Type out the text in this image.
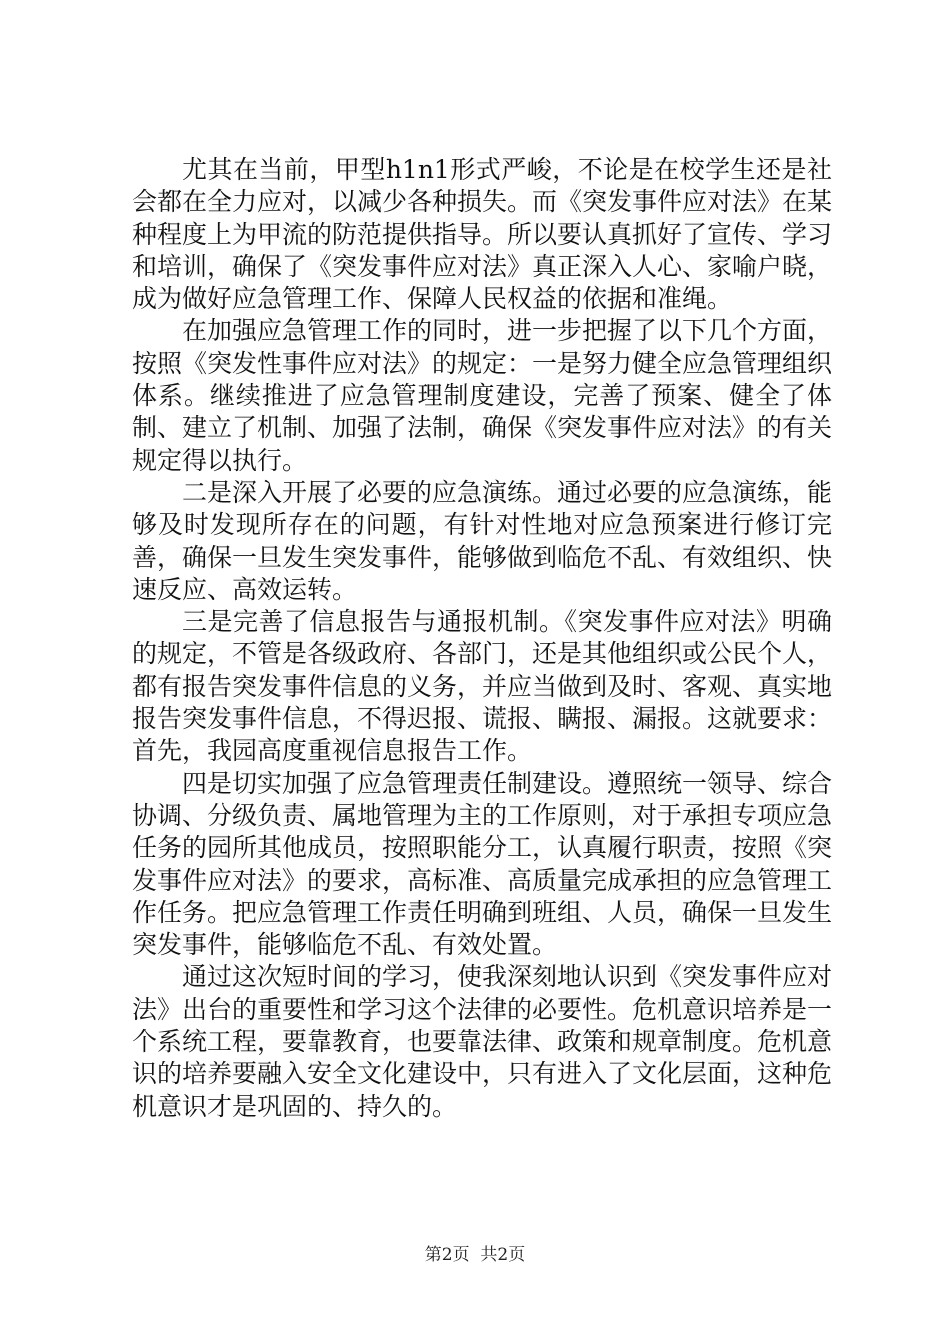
尤其在当前，甲型h1n1形式严峻，不论是在校学生还是社会都在全力应对，以减少各种损失。而《突发事件应对法》在某种程度上为甲流的防范提供指导。所以要认真抓好了宣传、学习和培训，确保了《突发事件应对法》真正深入人心、家喻户晓，成为做好应急管理工作、保障人民权益的依据和准绳。

在加强应急管理工作的同时，进一步把握了以下几个方面，按照《突发性事件应对法》的规定：一是努力健全应急管理组织体系。继续推进了应急管理制度建设，完善了预案、健全了体制、建立了机制、加强了法制，确保《突发事件应对法》的有关规定得以执行。

二是深入开展了必要的应急演练。通过必要的应急演练，能够及时发现所存在的问题，有针对性地对应急预案进行修订完善，确保一旦发生突发事件，能够做到临危不乱、有效组织、快速反应、高效运转。

三是完善了信息报告与通报机制。《突发事件应对法》明确的规定，不管是各级政府、各部门，还是其他组织或公民个人，都有报告突发事件信息的义务，并应当做到及时、客观、真实地报告突发事件信息，不得迟报、谎报、瞒报、漏报。这就要求：首先，我园高度重视信息报告工作。

四是切实加强了应急管理责任制建设。遵照统一领导、综合协调、分级负责、属地管理为主的工作原则，对于承担专项应急任务的园所其他成员，按照职能分工，认真履行职责，按照《突发事件应对法》的要求，高标准、高质量完成承担的应急管理工作任务。把应急管理工作责任明确到班组、人员，确保一旦发生突发事件，能够临危不乱、有效处置。

通过这次短时间的学习，使我深刻地认识到《突发事件应对法》出台的重要性和学习这个法律的必要性。危机意识培养是一个系统工程，要靠教育，也要靠法律、政策和规章制度。危机意识的培养要融入安全文化建设中，只有进入了文化层面，这种危机意识才是巩固的、持久的。

第2页  共2页
